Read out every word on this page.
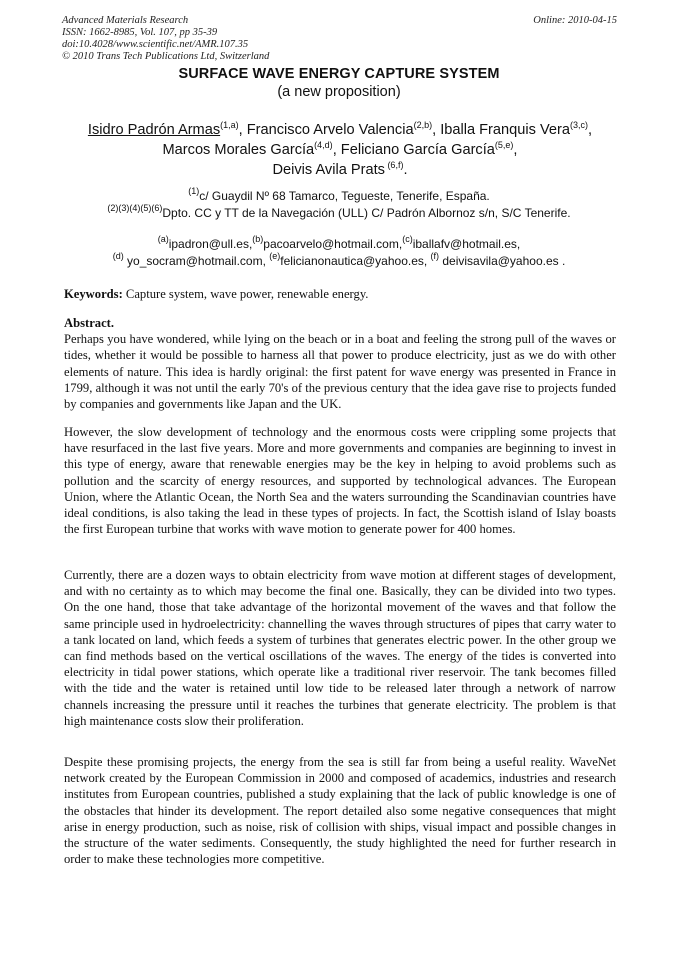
Advanced Materials Research
ISSN: 1662-8985, Vol. 107, pp 35-39
doi:10.4028/www.scientific.net/AMR.107.35
© 2010 Trans Tech Publications Ltd, Switzerland
Online: 2010-04-15
SURFACE WAVE ENERGY CAPTURE SYSTEM
(a new proposition)
Isidro Padrón Armas$^{(1,a)}$, Francisco Arvelo Valencia$^{(2,b)}$, Iballa Franquis Vera$^{(3,c)}$, Marcos Morales García$^{(4,d)}$, Feliciano García García$^{(5,e)}$,
Deivis Avila Prats $^{(6,f)}$.
$^{(1)}$c/ Guaydil Nº 68 Tamarco, Tegueste, Tenerife, España.
$^{(2)(3)(4)(5)(6)}$Dpto. CC y TT de la Navegación (ULL) C/ Padrón Albornoz s/n, S/C Tenerife.
$^{(a)}$ipadron@ull.es,$^{(b)}$pacoarvelo@hotmail.com,$^{(c)}$iballafv@hotmail.es,
$^{(d)}$ yo_socram@hotmail.com, $^{(e)}$felicianonautica@yahoo.es, $^{(f)}$ deivisavila@yahoo.es .
Keywords: Capture system, wave power, renewable energy.
Abstract.
Perhaps you have wondered, while lying on the beach or in a boat and feeling the strong pull of the waves or tides, whether it would be possible to harness all that power to produce electricity, just as we do with other elements of nature. This idea is hardly original: the first patent for wave energy was presented in France in 1799, although it was not until the early 70's of the previous century that the idea gave rise to projects funded by companies and governments like Japan and the UK.
However, the slow development of technology and the enormous costs were crippling some projects that have resurfaced in the last five years. More and more governments and companies are beginning to invest in this type of energy, aware that renewable energies may be the key in helping to avoid problems such as pollution and the scarcity of energy resources, and supported by technological advances. The European Union, where the Atlantic Ocean, the North Sea and the waters surrounding the Scandinavian countries have ideal conditions, is also taking the lead in these types of projects. In fact, the Scottish island of Islay boasts the first European turbine that works with wave motion to generate power for 400 homes.
Currently, there are a dozen ways to obtain electricity from wave motion at different stages of development, and with no certainty as to which may become the final one. Basically, they can be divided into two types. On the one hand, those that take advantage of the horizontal movement of the waves and that follow the same principle used in hydroelectricity: channelling the waves through structures of pipes that carry water to a tank located on land, which feeds a system of turbines that generates electric power. In the other group we can find methods based on the vertical oscillations of the waves. The energy of the tides is converted into electricity in tidal power stations, which operate like a traditional river reservoir. The tank becomes filled with the tide and the water is retained until low tide to be released later through a network of narrow channels increasing the pressure until it reaches the turbines that generate electricity. The problem is that high maintenance costs slow their proliferation.
Despite these promising projects, the energy from the sea is still far from being a useful reality. WaveNet network created by the European Commission in 2000 and composed of academics, industries and research institutes from European countries, published a study explaining that the lack of public knowledge is one of the obstacles that hinder its development. The report detailed also some negative consequences that might arise in energy production, such as noise, risk of collision with ships, visual impact and possible changes in the structure of the water sediments. Consequently, the study highlighted the need for further research in order to make these technologies more competitive.
